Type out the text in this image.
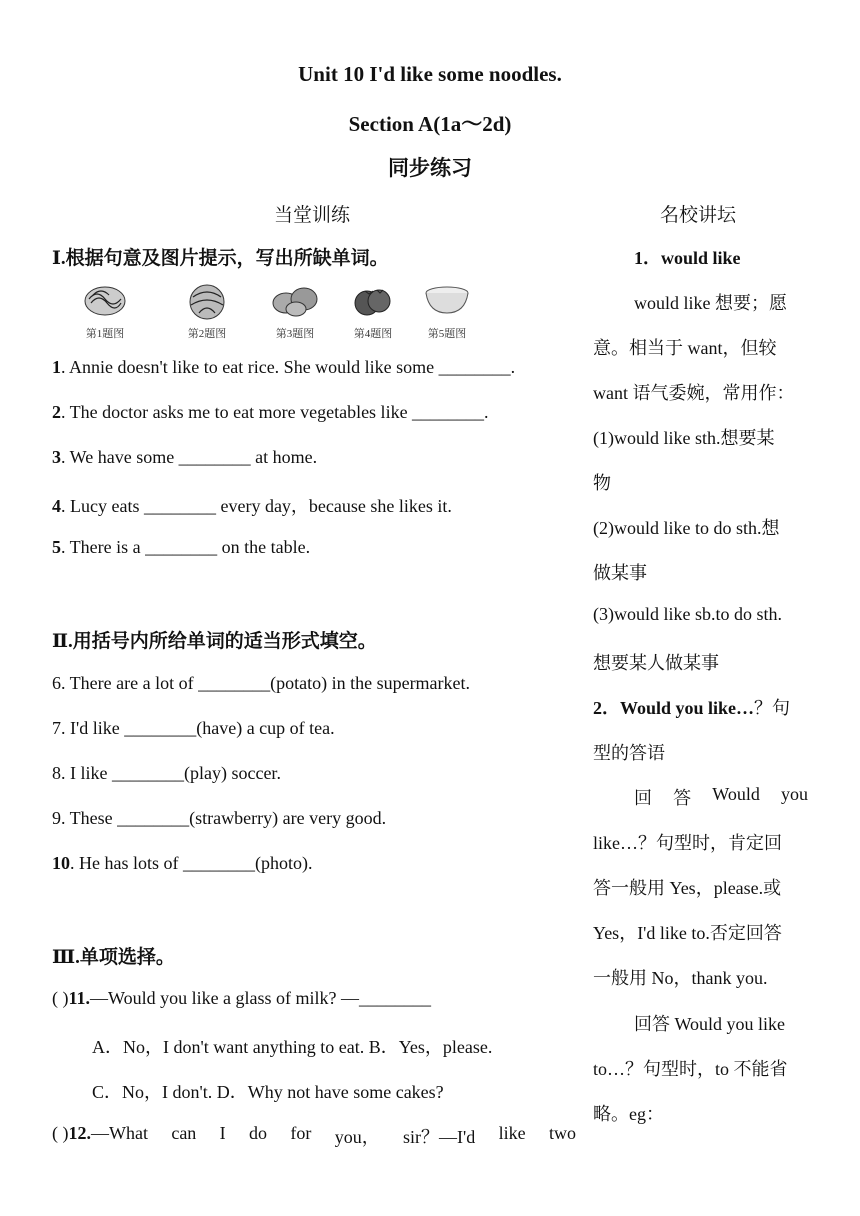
Unit 10 I'd like some noodles.
Section A(1a～2d)
同步练习
当堂训练
Ⅰ.根据句意及图片提示，写出所缺单词。
第1题图	第2题图	第3题图	第4题图	第5题图
1. Annie doesn't like to eat rice. She would like some ________.
2. The doctor asks me to eat more vegetables like ________.
3. We have some ________ at home.
4. Lucy eats ________ every day，because she likes it.
5. There is a ________ on the table.
Ⅱ.用括号内所给单词的适当形式填空。
6. There are a lot of ________(potato) in the supermarket.
7. I'd like ________(have) a cup of tea.
8. I like ________(play) soccer.
9. These ________(strawberry) are very good.
10. He has lots of ________(photo).
Ⅲ.单项选择。
( )11.—Would you like a glass of milk? —________
A．No，I don't want anything to eat. B．Yes，please.
C．No，I don't. D．Why not have some cakes?
( )12.—What can I do for you， sir？—I'd like two
名校讲坛
1．would like
would like 想要；愿
意。相当于 want，但较
want 语气委婉，常用作：
(1)would like sth.想要某
物
(2)would like to do sth.想
做某事
(3)would like sb.to do sth.
想要某人做某事
2．Would you like…？句
型的答语
回 答 Would you
like…？句型时，肯定回
答一般用 Yes，please.或
Yes，I'd like to.否定回答
一般用 No，thank you.
回答 Would you like
to…？句型时，to 不能省
略。eg：
